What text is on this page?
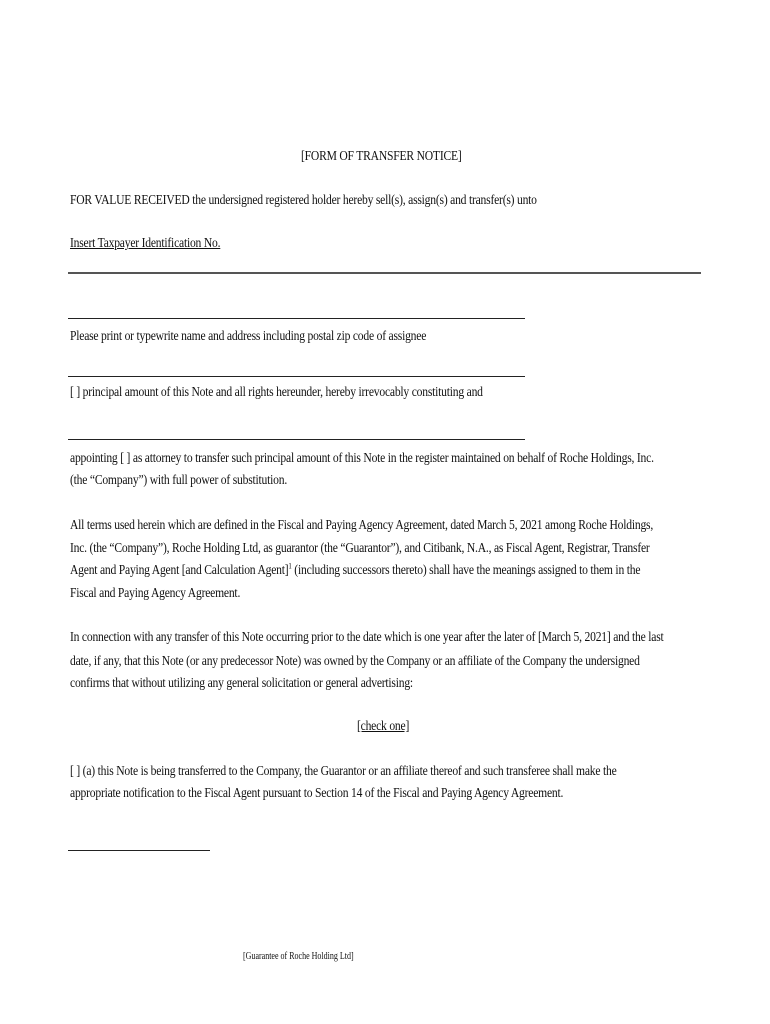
[FORM OF TRANSFER NOTICE]
FOR VALUE RECEIVED the undersigned registered holder hereby sell(s), assign(s) and transfer(s) unto
Insert Taxpayer Identification No.
Please print or typewrite name and address including postal zip code of assignee
[ ] principal amount of this Note and all rights hereunder, hereby irrevocably constituting and
appointing [ ] as attorney to transfer such principal amount of this Note in the register maintained on behalf of Roche Holdings, Inc.
(the “Company”) with full power of substitution.
All terms used herein which are defined in the Fiscal and Paying Agency Agreement, dated March 5, 2021 among Roche Holdings,
Inc. (the “Company”), Roche Holding Ltd, as guarantor (the “Guarantor”), and Citibank, N.A., as Fiscal Agent, Registrar, Transfer
Agent and Paying Agent [and Calculation Agent]$^1$ (including successors thereto) shall have the meanings assigned to them in the
Fiscal and Paying Agency Agreement.
In connection with any transfer of this Note occurring prior to the date which is one year after the later of [March 5, 2021] and the last
date, if any, that this Note (or any predecessor Note) was owned by the Company or an affiliate of the Company the undersigned
confirms that without utilizing any general solicitation or general advertising:
[check one]
[ ] (a) this Note is being transferred to the Company, the Guarantor or an affiliate thereof and such transferee shall make the
appropriate notification to the Fiscal Agent pursuant to Section 14 of the Fiscal and Paying Agency Agreement.
[Guarantee of Roche Holding Ltd]
